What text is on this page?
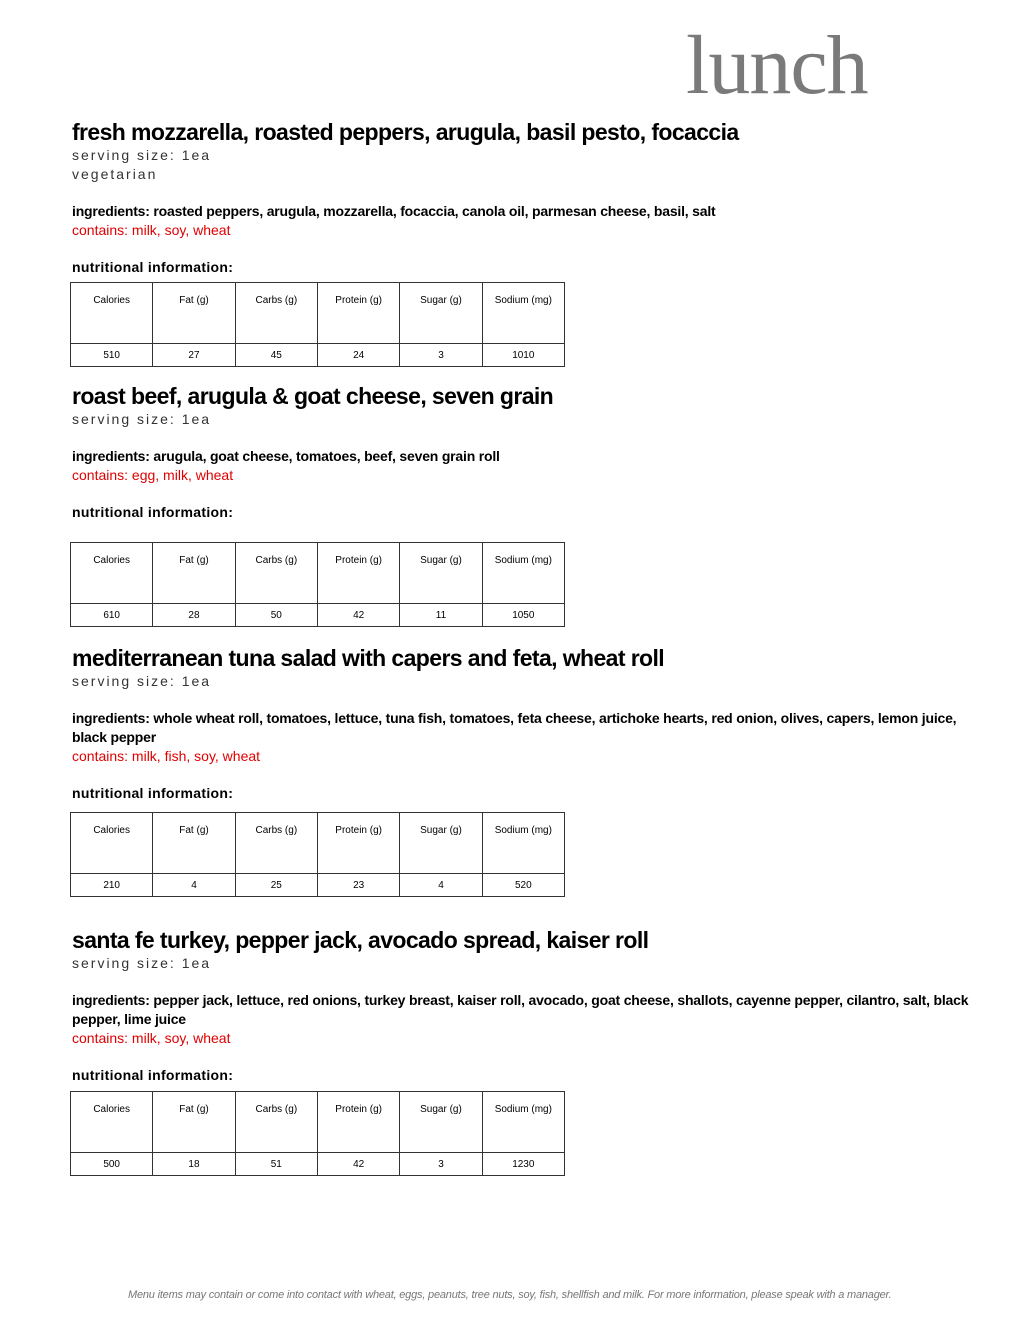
lunch
fresh mozzarella, roasted peppers, arugula, basil pesto, focaccia

serving size: 1ea

vegetarian

ingredients: roasted peppers, arugula, mozzarella, focaccia, canola oil, parmesan cheese, basil, salt

contains: milk, soy, wheat

nutritional information:

Calories	Fat (g)	Carbs (g)	Protein (g)	Sugar (g)	Sodium (mg)
510	27	45	24	3	1010
roast beef, arugula & goat cheese, seven grain

serving size: 1ea

ingredients: arugula, goat cheese, tomatoes, beef, seven grain roll

contains: egg, milk, wheat

nutritional information:

Calories	Fat (g)	Carbs (g)	Protein (g)	Sugar (g)	Sodium (mg)
610	28	50	42	11	1050
mediterranean tuna salad with capers and feta, wheat roll

serving size: 1ea

ingredients: whole wheat roll, tomatoes, lettuce, tuna fish, tomatoes, feta cheese, artichoke hearts, red onion, olives, capers, lemon juice, black pepper

contains: milk, fish, soy, wheat

nutritional information:

Calories	Fat (g)	Carbs (g)	Protein (g)	Sugar (g)	Sodium (mg)
210	4	25	23	4	520
santa fe turkey, pepper jack, avocado spread, kaiser roll

serving size: 1ea

ingredients: pepper jack, lettuce, red onions, turkey breast, kaiser roll, avocado, goat cheese, shallots, cayenne pepper, cilantro, salt, black pepper, lime juice

contains: milk, soy, wheat

nutritional information:

Calories	Fat (g)	Carbs (g)	Protein (g)	Sugar (g)	Sodium (mg)
500	18	51	42	3	1230
Menu items may contain or come into contact with wheat, eggs, peanuts, tree nuts, soy, fish, shellfish and milk. For more information, please speak with a manager.
